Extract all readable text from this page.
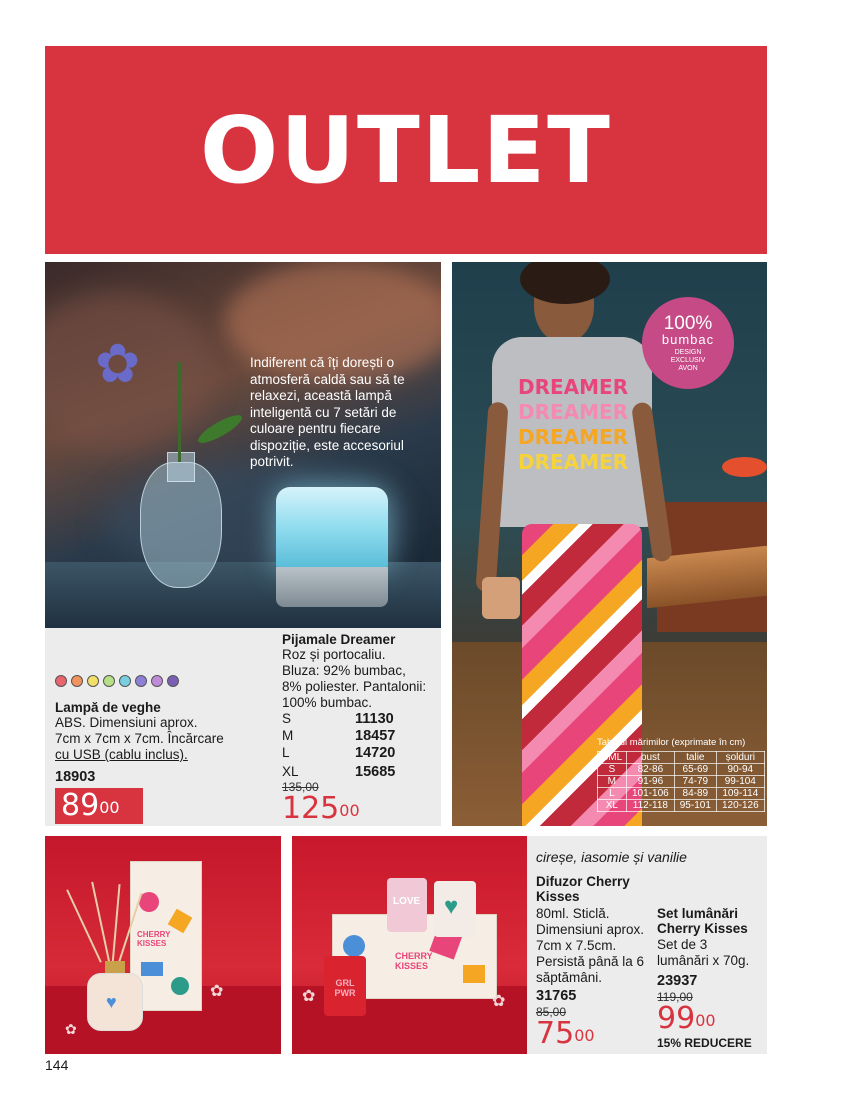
OUTLET
✿	Indiferent că îți dorești o atmosferă caldă sau să te relaxezi, această lampă inteligentă cu 7 setări de culoare pentru fiecare dispoziție, este accesoriul potrivit.
Lampă de veghe
ABS. Dimensiuni aprox.
7cm x 7cm x 7cm. Încărcare
cu USB (cablu inclus).
18903
$89^{00}$
Pijamale Dreamer
Roz și portocaliu.
Bluza: 92% bumbac,
8% poliester. Pantalonii:
100% bumbac.
S	11130
M	18457
L	14720
XL	15685
135,00
$125^{00}$
DREAMER
DREAMER
DREAMER
DREAMER
100%
bumbac
DESIGN
EXCLUSIV
AVON
Tabelul mărimilor (exprimate în cm)
SML	bust	talie	șolduri
S	82-86	65-69	90-94
M	91-96	74-79	99-104
L	101-106	84-89	109-114
XL	112-118	95-101	120-126
CHERRY
KISSES
♥
✿
✿
CHERRY
KISSES
LOVE ♥
GRL PWR
✿	✿
cireșe, iasomie și vanilie
Difuzor Cherry
Kisses
80ml. Sticlă.
Dimensiuni aprox.
7cm x 7.5cm.
Persistă până la 6
săptămâni.
31765
85,00
$75^{00}$
Set lumânări
Cherry Kisses
Set de 3
lumânări x 70g.
23937
119,00
$99^{00}$
15% REDUCERE
144
